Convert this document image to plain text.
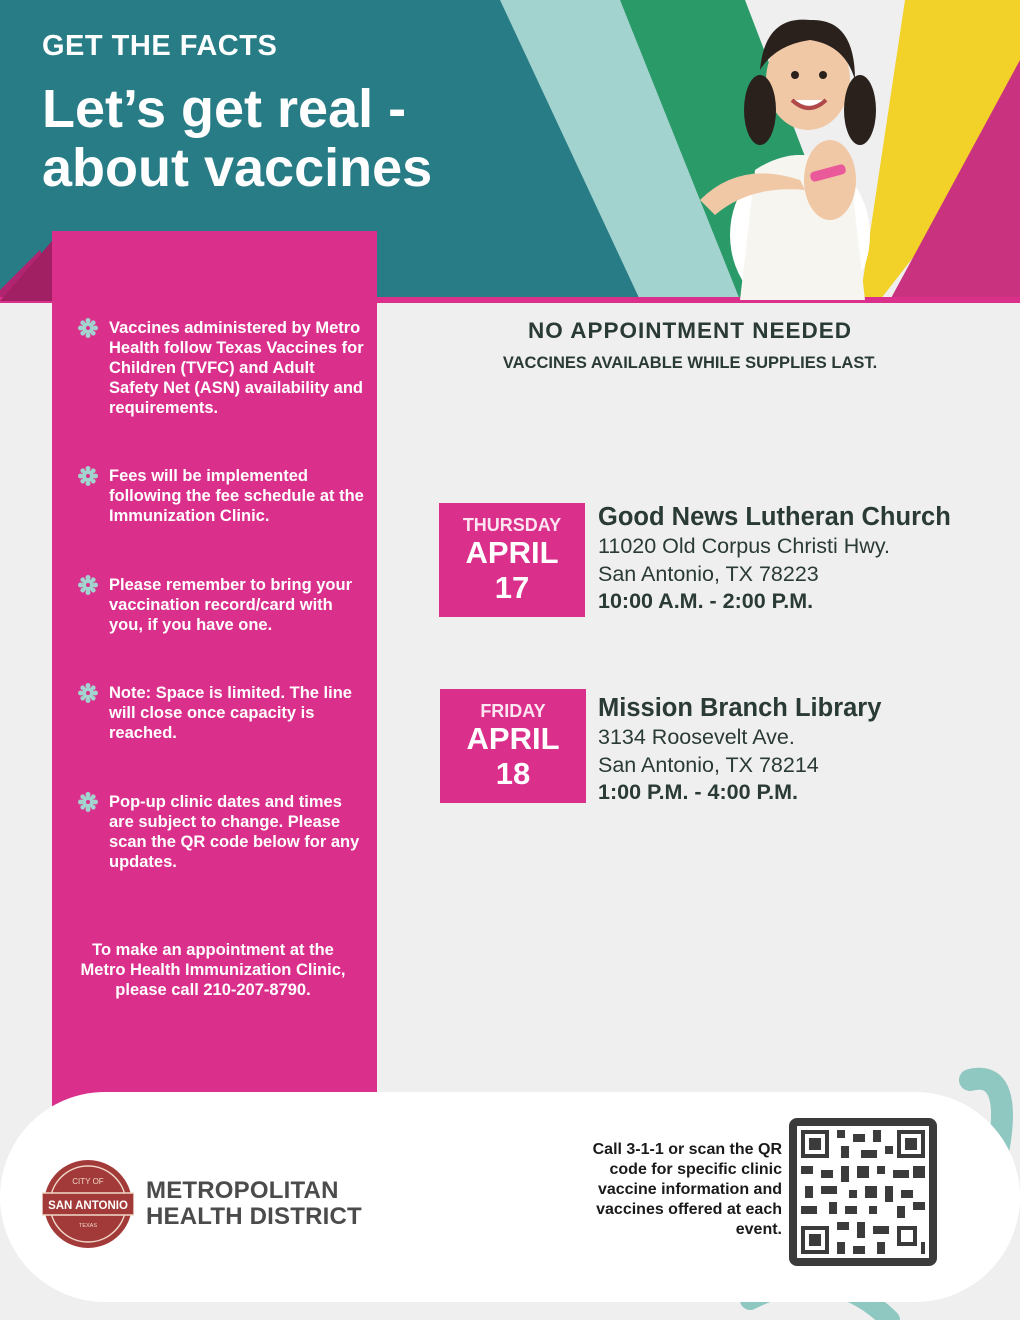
GET THE FACTS
Let’s get real -
about vaccines
Vaccines administered by Metro Health follow Texas Vaccines for Children (TVFC) and Adult Safety Net (ASN) availability and requirements.
Fees will be implemented following the fee schedule at the Immunization Clinic.
Please remember to bring your vaccination record/card with you, if you have one.
Note: Space is limited. The line will close once capacity is reached.
Pop-up clinic dates and times are subject to change. Please scan the QR code below for any updates.
To make an appointment at the Metro Health Immunization Clinic, please call 210-207-8790.
NO APPOINTMENT NEEDED
VACCINES AVAILABLE WHILE SUPPLIES LAST.
THURSDAY
APRIL
17
Good News Lutheran Church
11020 Old Corpus Christi Hwy.
San Antonio, TX 78223
10:00 A.M. - 2:00 P.M.
FRIDAY
APRIL
18
Mission Branch Library
3134 Roosevelt Ave.
San Antonio, TX 78214
1:00 P.M. - 4:00 P.M.
CITY OF
SAN ANTONIO
TEXAS
METROPOLITAN
HEALTH DISTRICT
Call 3-1-1 or scan the QR code for specific clinic vaccine information and vaccines offered at each event.
